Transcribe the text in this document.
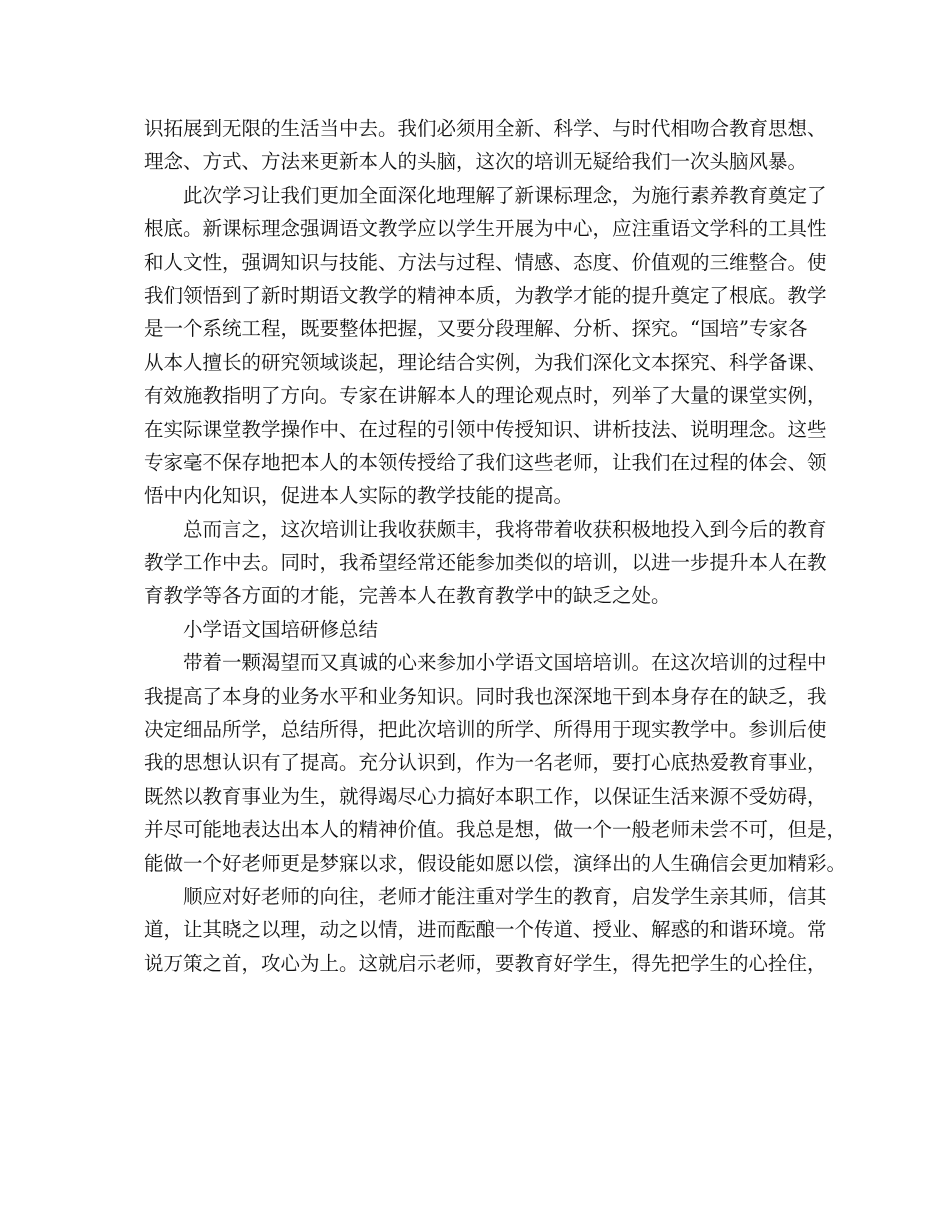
识拓展到无限的生活当中去。我们必须用全新、科学、与时代相吻合教育思想、
理念、方式、方法来更新本人的头脑，这次的培训无疑给我们一次头脑风暴。
此次学习让我们更加全面深化地理解了新课标理念，为施行素养教育奠定了
根底。新课标理念强调语文教学应以学生开展为中心，应注重语文学科的工具性
和人文性，强调知识与技能、方法与过程、情感、态度、价值观的三维整合。使
我们领悟到了新时期语文教学的精神本质，为教学才能的提升奠定了根底。教学
是一个系统工程，既要整体把握，又要分段理解、分析、探究。“国培”专家各
从本人擅长的研究领域谈起，理论结合实例，为我们深化文本探究、科学备课、
有效施教指明了方向。专家在讲解本人的理论观点时，列举了大量的课堂实例，
在实际课堂教学操作中、在过程的引领中传授知识、讲析技法、说明理念。这些
专家毫不保存地把本人的本领传授给了我们这些老师，让我们在过程的体会、领
悟中内化知识，促进本人实际的教学技能的提高。
总而言之，这次培训让我收获颇丰，我将带着收获积极地投入到今后的教育
教学工作中去。同时，我希望经常还能参加类似的培训，以进一步提升本人在教
育教学等各方面的才能，完善本人在教育教学中的缺乏之处。
小学语文国培研修总结
带着一颗渴望而又真诚的心来参加小学语文国培培训。在这次培训的过程中
我提高了本身的业务水平和业务知识。同时我也深深地干到本身存在的缺乏，我
决定细品所学，总结所得，把此次培训的所学、所得用于现实教学中。参训后使
我的思想认识有了提高。充分认识到，作为一名老师，要打心底热爱教育事业，
既然以教育事业为生，就得竭尽心力搞好本职工作，以保证生活来源不受妨碍，
并尽可能地表达出本人的精神价值。我总是想，做一个一般老师未尝不可，但是，
能做一个好老师更是梦寐以求，假设能如愿以偿，演绎出的人生确信会更加精彩。
顺应对好老师的向往，老师才能注重对学生的教育，启发学生亲其师，信其
道，让其晓之以理，动之以情，进而酝酿一个传道、授业、解惑的和谐环境。常
说万策之首，攻心为上。这就启示老师，要教育好学生，得先把学生的心拴住，
